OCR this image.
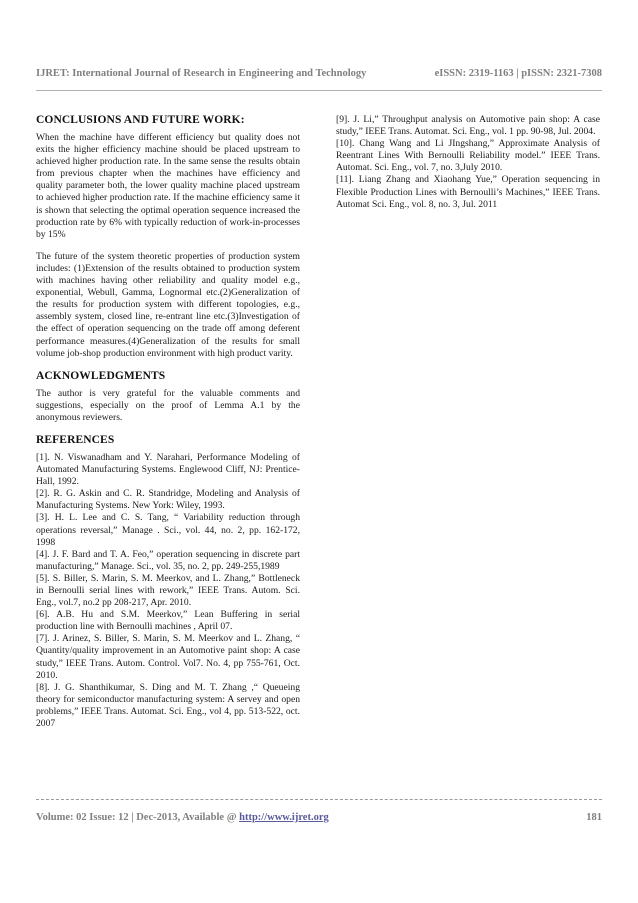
IJRET: International Journal of Research in Engineering and Technology	eISSN: 2319-1163 | pISSN: 2321-7308
CONCLUSIONS AND FUTURE WORK:

When the machine have different efficiency but quality does not exits the higher efficiency machine should be placed upstream to achieved higher production rate. In the same sense the results obtain from previous chapter when the machines have efficiency and quality parameter both, the lower quality machine placed upstream to achieved higher production rate. If the machine efficiency same it is shown that selecting the optimal operation sequence increased the production rate by 6% with typically reduction of work-in-processes by 15%

The future of the system theoretic properties of production system includes: (1)Extension of the results obtained to production system with machines having other reliability and quality model e.g., exponential, Webull, Gamma, Lognormal etc.(2)Generalization of the results for production system with different topologies, e.g., assembly system, closed line, re-entrant line etc.(3)Investigation of the effect of operation sequencing on the trade off among deferent performance measures.(4)Generalization of the results for small volume job-shop production environment with high product varity.

ACKNOWLEDGMENTS

The author is very grateful for the valuable comments and suggestions, especially on the proof of Lemma A.1 by the anonymous reviewers.

REFERENCES

[1]. N. Viswanadham and Y. Narahari, Performance Modeling of Automated Manufacturing Systems. Englewood Cliff, NJ: Prentice-Hall, 1992.

[2]. R. G. Askin and C. R. Standridge, Modeling and Analysis of Manufacturing Systems. New York: Wiley, 1993.

[3]. H. L. Lee and C. S. Tang, “ Variability reduction through operations reversal,” Manage . Sci., vol. 44, no. 2, pp. 162-172, 1998

[4]. J. F. Bard and T. A. Feo,” operation sequencing in discrete part manufacturing,” Manage. Sci., vol. 35, no. 2, pp. 249-255,1989

[5]. S. Biller, S. Marin, S. M. Meerkov, and L. Zhang,” Bottleneck in Bernoulli serial lines with rework,” IEEE Trans. Autom. Sci. Eng., vol.7, no.2 pp 208-217, Apr. 2010.

[6]. A.B. Hu and S.M. Meerkov,” Lean Buffering in serial production line with Bernoulli machines , April 07.

[7]. J. Arinez, S. Biller, S. Marin, S. M. Meerkov and L. Zhang, “ Quantity/quality improvement in an Automotive paint shop: A case study,” IEEE Trans. Autom. Control. Vol7. No. 4, pp 755-761, Oct. 2010.

[8]. J. G. Shanthikumar, S. Ding and M. T. Zhang ,“ Queueing theory for semiconductor manufacturing system: A servey and open problems,” IEEE Trans. Automat. Sci. Eng., vol 4, pp. 513-522, oct. 2007

[9]. J. Li,” Throughput analysis on Automotive pain shop: A case study,” IEEE Trans. Automat. Sci. Eng., vol. 1 pp. 90-98, Jul. 2004.

[10]. Chang Wang and Li JIngshang,” Approximate Analysis of Reentrant Lines With Bernoulli Reliability model.” IEEE Trans. Automat. Sci. Eng., vol. 7, no. 3,July 2010.

[11]. Liang Zhang and Xiaohang Yue,” Operation sequencing in Flexible Production Lines with Bernoulli’s Machines,” IEEE Trans. Automat Sci. Eng., vol. 8, no. 3, Jul. 2011

Volume: 02 Issue: 12 | Dec-2013, Available @ http://www.ijret.org	181
